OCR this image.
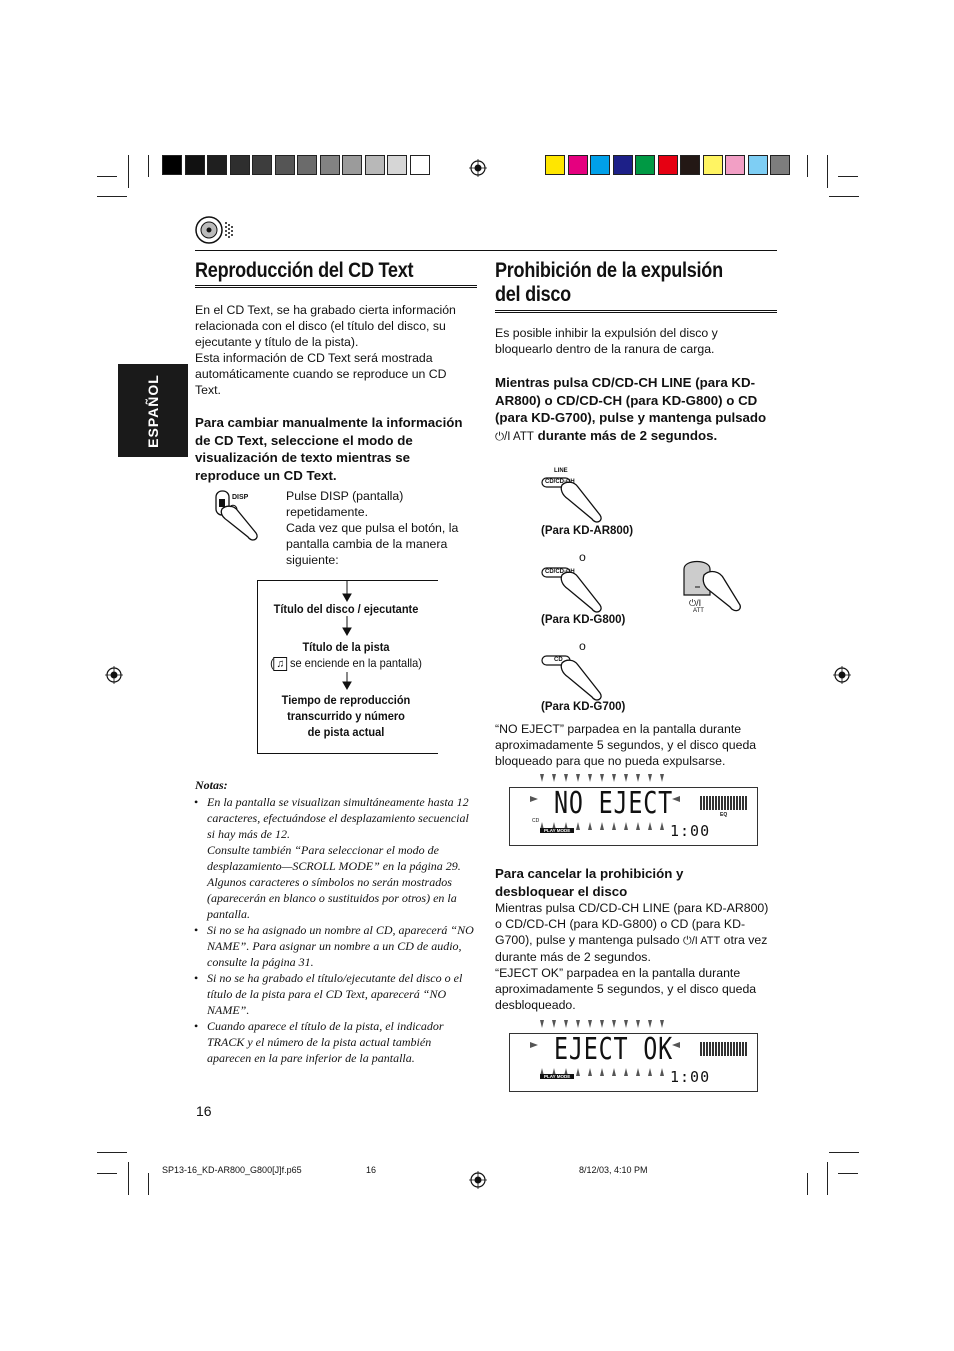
ESPAÑOL
Reproducción del CD Text
En el CD Text, se ha grabado cierta información relacionada con el disco (el título del disco, su ejecutante y título de la pista).
Esta información de CD Text será mostrada automáticamente cuando se reproduce un CD Text.
Para cambiar manualmente la información de CD Text, seleccione el modo de visualización de texto mientras se reproduce un CD Text.
DISP	Pulse DISP (pantalla) repetidamente.
Cada vez que pulsa el botón, la pantalla cambia de la manera siguiente:
Título del disco / ejecutante
Título de la pista
( ♫ se enciende en la pantalla)
Tiempo de reproducción
transcurrido y número
de pista actual
Notas:
• En la pantalla se visualizan simultáneamente hasta 12 caracteres, efectuándose el desplazamiento secuencial si hay más de 12.
Consulte también “Para seleccionar el modo de desplazamiento—SCROLL MODE” en la página 29.
Algunos caracteres o símbolos no serán mostrados (aparecerán en blanco o sustituidos por otros) en la pantalla.
• Si no se ha asignado un nombre al CD, aparecerá “NO NAME”. Para asignar un nombre a un CD de audio, consulte la página 31.
• Si no se ha grabado el título/ejecutante del disco o el título de la pista para el CD Text, aparecerá “NO NAME”.
• Cuando aparece el título de la pista, el indicador TRACK y el número de la pista actual también aparecen en la pare inferior de la pantalla.
16
Prohibición de la expulsión
del disco
Es posible inhibir la expulsión del disco y bloquearlo dentro de la ranura de carga.
Mientras pulsa CD/CD-CH LINE (para KD-AR800) o CD/CD-CH (para KD-G800) o CD (para KD-G700), pulse y mantenga pulsado ⏻/I ATT durante más de 2 segundos.
LINE
CD/CD-CH
(Para KD-AR800)
o
CD/CD-CH
(Para KD-G800)
⏻/I
ATT
o
CD
(Para KD-G700)
“NO EJECT” parpadea en la pantalla durante aproximadamente 5 segundos, y el disco queda bloqueado para que no pueda expulsarse.
NO EJECT	EQ
PLAY MODE	1:00
CD
Para cancelar la prohibición y
desbloquear el disco
Mientras pulsa CD/CD-CH LINE (para KD-AR800) o CD/CD-CH (para KD-G800) o CD (para KD-G700), pulse y mantenga pulsado ⏻/I ATT otra vez durante más de 2 segundos.
“EJECT OK” parpadea en la pantalla durante aproximadamente 5 segundos, y el disco queda desbloqueado.
EJECT OK
PLAY MODE	1:00
SP13-16_KD-AR800_G800[J]f.p65	16	8/12/03, 4:10 PM
